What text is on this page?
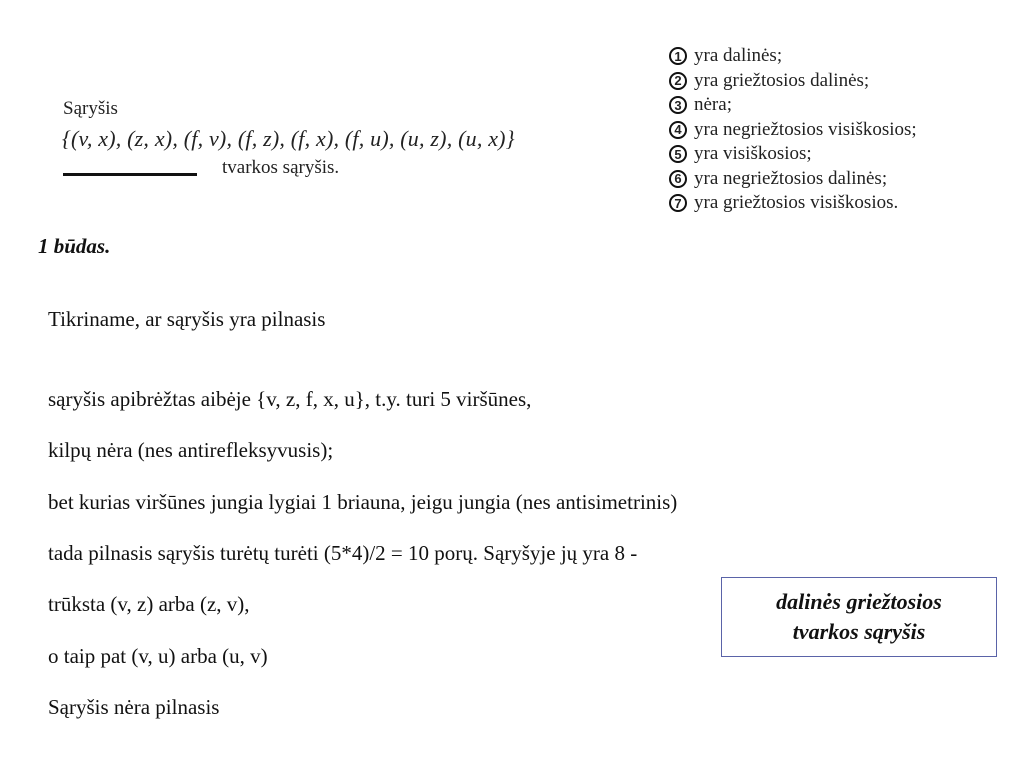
Sąryšis
{(v, x), (z, x), (f, v), (f, z), (f, x), (f, u), (u, z), (u, x)}
tvarkos sąryšis.
1 yra dalinės;
2 yra griežtosios dalinės;
3 nėra;
4 yra negriežtosios visiškosios;
5 yra visiškosios;
6 yra negriežtosios dalinės;
7 yra griežtosios visiškosios.
1 būdas.
Tikriname, ar sąryšis yra pilnasis
sąryšis apibrėžtas aibėje {v, z, f, x, u}, t.y. turi 5 viršūnes,
kilpų nėra (nes antirefleksyvusis);
bet kurias viršūnes jungia lygiai 1 briauna, jeigu jungia (nes antisimetrinis)
tada pilnasis sąryšis turėtų turėti (5*4)/2 = 10 porų. Sąryšyje jų yra 8 -
trūksta (v, z) arba (z, v),
o taip pat (v, u) arba (u, v)
Sąryšis nėra pilnasis
dalinės griežtosios
tvarkos sąryšis
